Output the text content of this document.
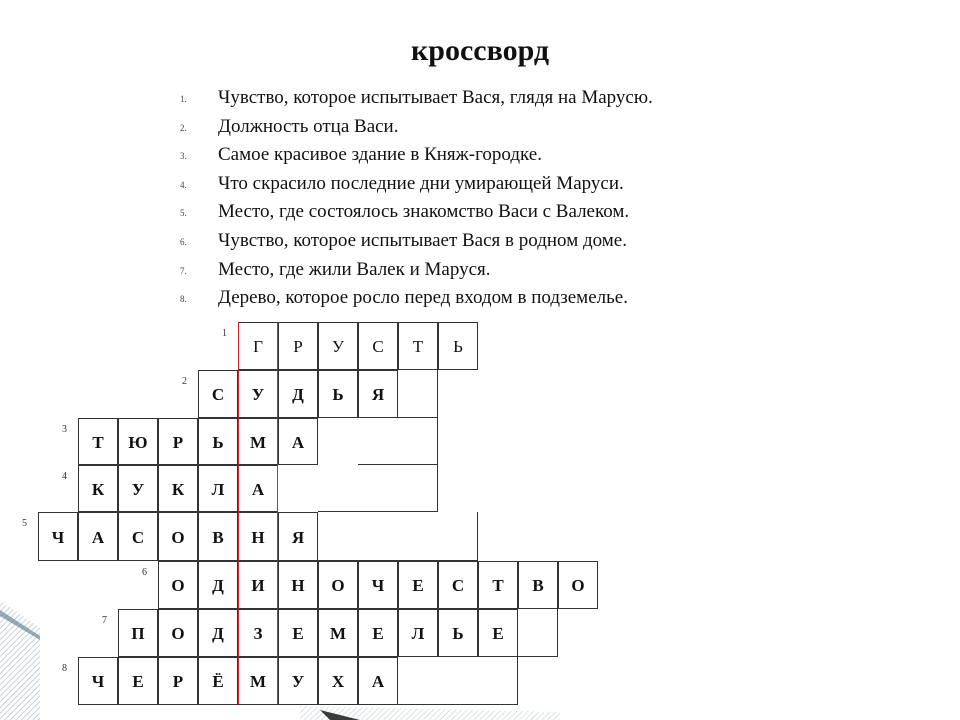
кроссворд
1.	Чувство, которое испытывает Вася, глядя на Марусю.
2.	Должность отца Васи.
3.	Самое красивое здание в Княж-городке.
4.	Что скрасило последние дни умирающей Маруси.
5.	Место, где состоялось знакомство Васи с Валеком.
6.	Чувство, которое испытывает Вася в родном доме.
7.	Место, где жили Валек и Маруся.
8.	Дерево, которое росло перед входом в подземелье.
1
Г	Р	У	С	Т	Ь
2
С	У	Д	Ь	Я
3
Т	Ю	Р	Ь	М	А
4
К	У	К	Л	А
5
Ч	А	С	О	В	Н	Я
6
О	Д	И	Н	О	Ч	Е	С	Т	В	О
7
П	О	Д	З	Е	М	Е	Л	Ь	Е
8
Ч	Е	Р	Ё	М	У	Х	А
